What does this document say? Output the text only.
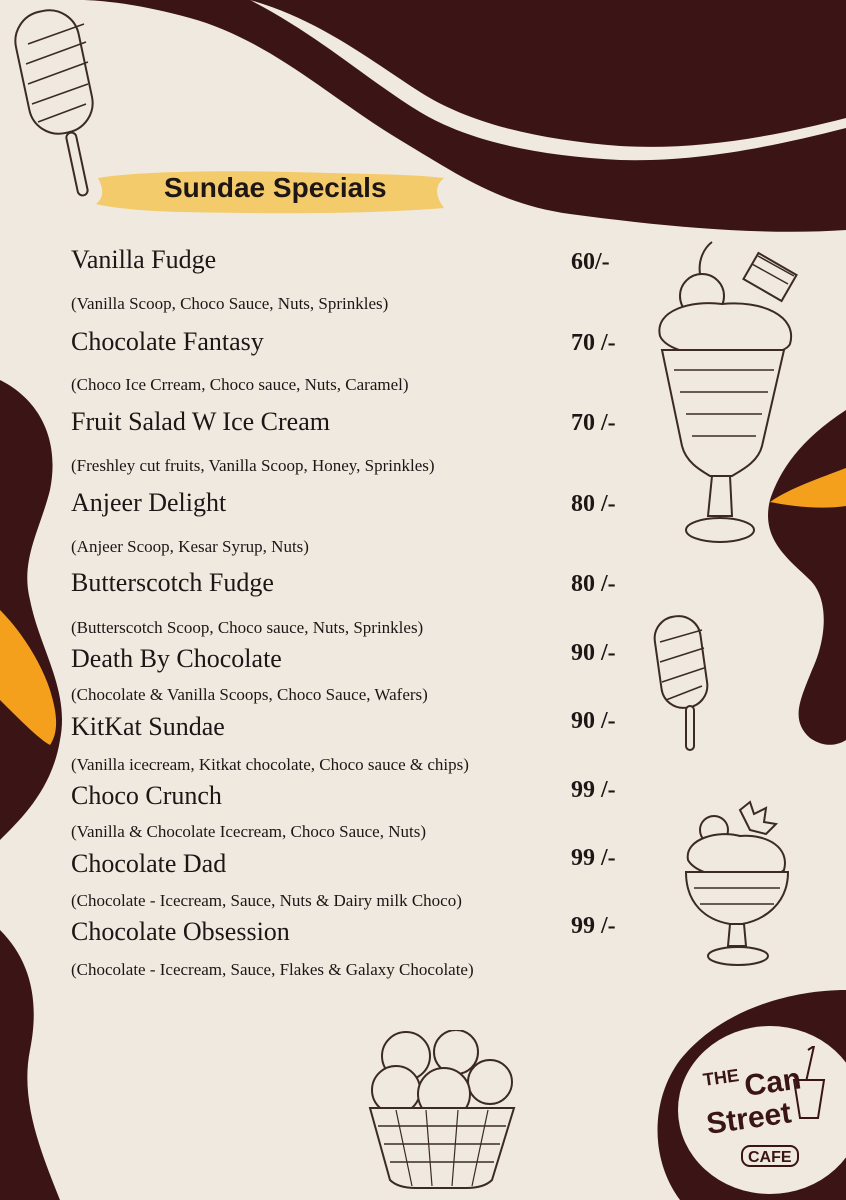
Sundae Specials
Vanilla Fudge	60/-
(Vanilla Scoop, Choco Sauce, Nuts, Sprinkles)
Chocolate Fantasy	70 /-
(Choco Ice Crream, Choco sauce, Nuts, Caramel)
Fruit Salad W Ice Cream	70 /-
(Freshley cut fruits, Vanilla Scoop, Honey, Sprinkles)
Anjeer Delight	80 /-
(Anjeer Scoop, Kesar Syrup, Nuts)
Butterscotch Fudge	80 /-
(Butterscotch Scoop, Choco sauce, Nuts, Sprinkles)
Death By Chocolate	90 /-
(Chocolate & Vanilla Scoops, Choco Sauce, Wafers)
KitKat Sundae	90 /-
(Vanilla icecream, Kitkat chocolate, Choco sauce & chips)
Choco Crunch	99 /-
(Vanilla & Chocolate Icecream, Choco Sauce, Nuts)
Chocolate Dad	99 /-
(Chocolate - Icecream, Sauce, Nuts & Dairy milk Choco)
Chocolate Obsession	99 /-
(Chocolate - Icecream, Sauce, Flakes & Galaxy Chocolate)
THE Can
Street
CAFE
